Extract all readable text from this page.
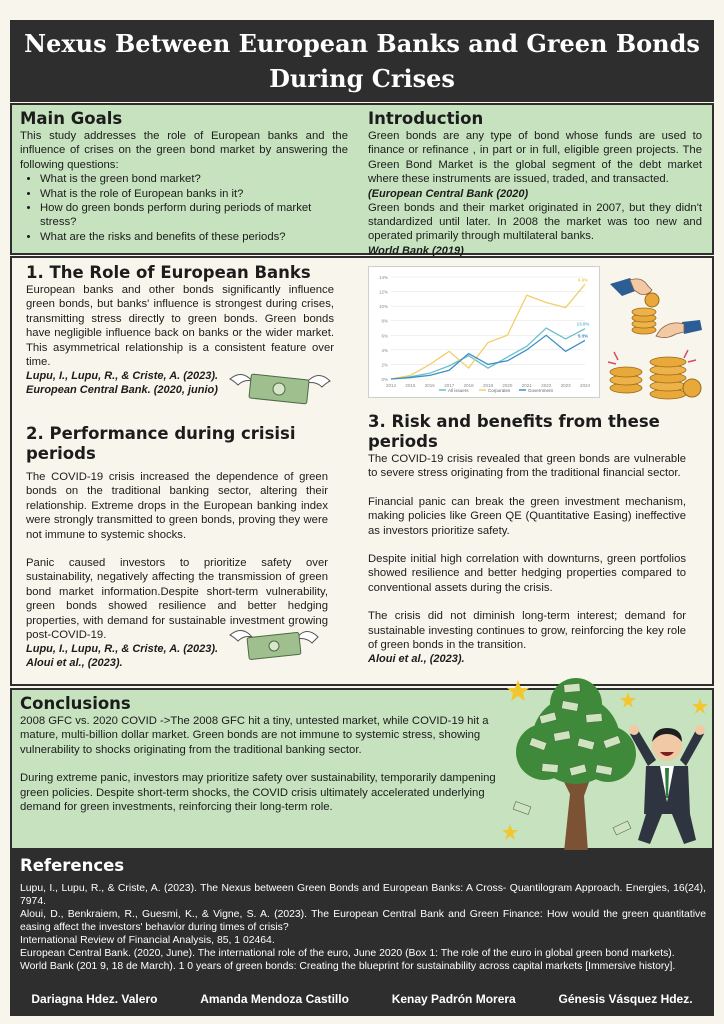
Nexus Between European Banks and Green Bonds During Crises
Main Goals

This study addresses the role of European banks and the influence of crises on the green bond market by answering the following questions:

• What is the green bond market?
• What is the role of European banks in it?
• How do green bonds perform during periods of market stress?
• What are the risks and benefits of these periods?
Introduction

Green bonds are any type of bond whose funds are used to finance or refinance , in part or in full, eligible green projects. The Green Bond Market is the global segment of the debt market where these instruments are issued, traded, and transacted.

(European Central Bank (2020)

Green bonds and their market originated in 2007, but they didn't standardized until later. In 2008 the market was too new and operated primarily through multilateral banks.

World Bank (2019)

1. The Role of European Banks

European banks and other bonds significantly influence green bonds, but banks' influence is strongest during crises, transmitting stress directly to green bonds. Green bonds have negligible influence back on banks or the wider market. This asymmetrical relationship is a consistent feature over time.

Lupu, I., Lupu, R., & Criste, A. (2023).

European Central Bank. (2020, junio)

2. Performance during crisisi periods

The COVID-19 crisis increased the dependence of green bonds on the traditional banking sector, altering their relationship. Extreme drops in the European banking index were strongly transmitted to green bonds, proving they were not immune to systemic shocks.

Panic caused investors to prioritize safety over sustainability, negatively affecting the transmission of green bond market information.Despite short-term vulnerability, green bonds showed resilience and better hedging properties, with demand for sustainable investment growing post-COVID-19.

Lupu, I., Lupu, R., & Criste, A. (2023).

Aloui et al., (2023).

14%
12%
10%
8%
6%
4%
2%
0%
2014 2015 2016 2017 2018 2019 2020 2021 2022 2023 2024
13.0%
6.9%
5.3%
All issuers	Corporates	Government
3. Risk and benefits from these periods

The COVID-19 crisis revealed that green bonds are vulnerable to severe stress originating from the traditional financial sector.

Financial panic can break the green investment mechanism, making policies like Green QE (Quantitative Easing) ineffective as investors prioritize safety.

Despite initial high correlation with downturns, green portfolios showed resilience and better hedging properties compared to conventional assets during the crisis.

The crisis did not diminish long-term interest; demand for sustainable investing continues to grow, reinforcing the key role of green bonds in the transition.

Aloui et al., (2023).

Conclusions

2008 GFC vs. 2020 COVID ->The 2008 GFC hit a tiny, untested market, while COVID-19 hit a mature, multi-billion dollar market. Green bonds are not immune to systemic stress, showing vulnerability to shocks originating from the traditional banking sector.

During extreme panic, investors may prioritize safety over sustainability, temporarily dampening green policies. Despite short-term shocks, the COVID crisis ultimately accelerated underlying demand for green investments, reinforcing their long-term role.

References

Lupu, I., Lupu, R., & Criste, A. (2023). The Nexus between Green Bonds and European Banks: A Cross- Quantilogram Approach. Energies, 16(24), 7974.

Aloui, D., Benkraiem, R., Guesmi, K., & Vigne, S. A. (2023). The European Central Bank and Green Finance: How would the green quantitative easing affect the investors' behavior during times of crisis?

International Review of Financial Analysis, 85, 1 02464.

European Central Bank. (2020, June). The international role of the euro, June 2020 (Box 1: The role of the euro in global green bond markets).

World Bank (201 9, 18 de March). 1 0 years of green bonds: Creating the blueprint for sustainability across capital markets [Immersive history].

Dariagna Hdez. Valero	Amanda Mendoza Castillo	Kenay Padrón Morera	Génesis Vásquez Hdez.
